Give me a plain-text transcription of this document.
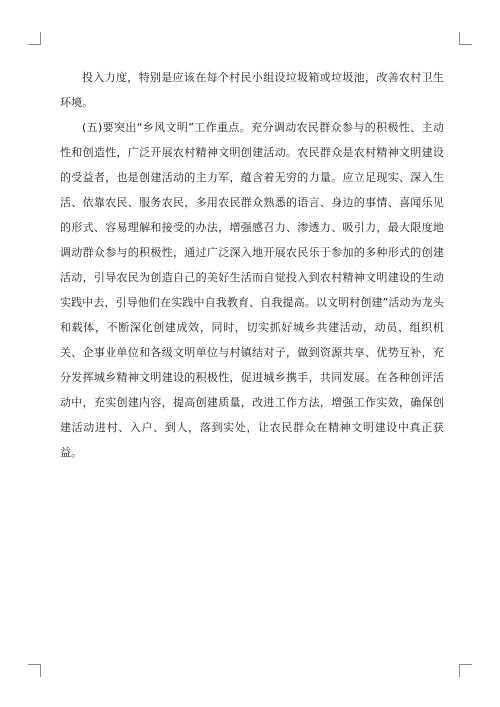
投入力度，特别是应该在每个村民小组设垃圾箱或垃圾池，改善农村卫生环境。

(五)要突出“乡风文明”工作重点。充分调动农民群众参与的积极性、主动性和创造性，广泛开展农村精神文明创建活动。农民群众是农村精神文明建设的受益者，也是创建活动的主力军，蕴含着无穷的力量。应立足现实、深入生活、依靠农民、服务农民，多用农民群众熟悉的语言、身边的事情、喜闻乐见的形式、容易理解和接受的办法，增强感召力、渗透力、吸引力，最大限度地调动群众参与的积极性，通过广泛深入地开展农民乐于参加的多种形式的创建活动，引导农民为创造自己的美好生活而自觉投入到农村精神文明建设的生动实践中去，引导他们在实践中自我教育、自我提高。以文明村创建”活动为龙头和载体，不断深化创建成效，同时，切实抓好城乡共建活动，动员、组织机关、企事业单位和各级文明单位与村镇结对子，做到资源共享、优势互补，充分发挥城乡精神文明建设的积极性，促进城乡携手，共同发展。在各种创评活动中，充实创建内容，提高创建质量，改进工作方法，增强工作实效，确保创建活动进村、入户、到人，落到实处，让农民群众在精神文明建设中真正获益。
